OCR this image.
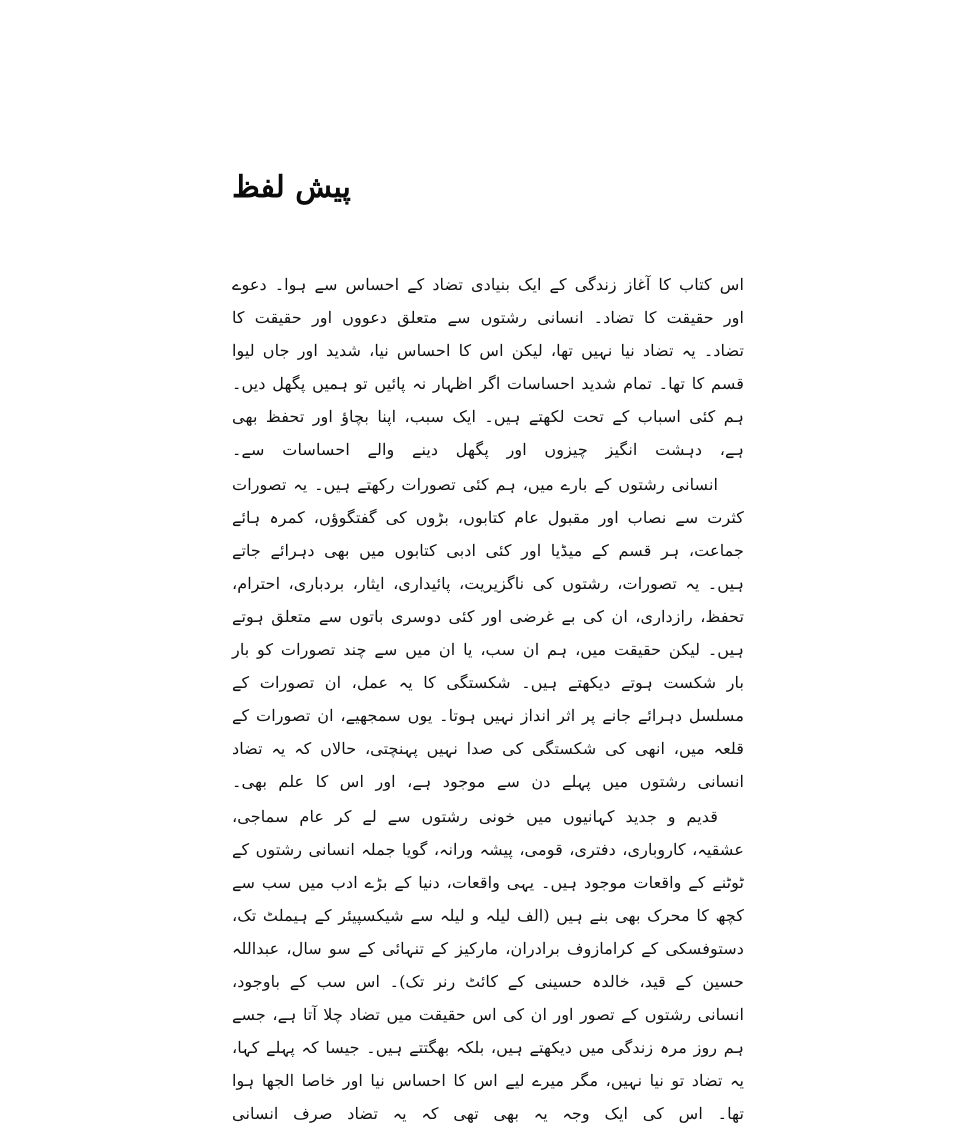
پیش لفظ

اس کتاب کا آغاز زندگی کے ایک بنیادی تضاد کے احساس سے ہوا۔ دعوے اور حقیقت کا تضاد۔ انسانی رشتوں سے متعلق دعووں اور حقیقت کا تضاد۔ یہ تضاد نیا نہیں تھا، لیکن اس کا احساس نیا، شدید اور جاں لیوا قسم کا تھا۔ تمام شدید احساسات اگر اظہار نہ پائیں تو ہمیں پگھل دیں۔ ہم کئی اسباب کے تحت لکھتے ہیں۔ ایک سبب، اپنا بچاؤ اور تحفظ بھی ہے، دہشت انگیز چیزوں اور پگھل دینے والے احساسات سے۔

انسانی رشتوں کے بارے میں، ہم کئی تصورات رکھتے ہیں۔ یہ تصورات کثرت سے نصاب اور مقبول عام کتابوں، بڑوں کی گفتگوؤں، کمرہ ہائے جماعت، ہر قسم کے میڈیا اور کئی ادبی کتابوں میں بھی دہرائے جاتے ہیں۔ یہ تصورات، رشتوں کی ناگزیریت، پائیداری، ایثار، بردباری، احترام، تحفظ، رازداری، ان کی بے غرضی اور کئی دوسری باتوں سے متعلق ہوتے ہیں۔ لیکن حقیقت میں، ہم ان سب، یا ان میں سے چند تصورات کو بار بار شکست ہوتے دیکھتے ہیں۔ شکستگی کا یہ عمل، ان تصورات کے مسلسل دہرائے جانے پر اثر انداز نہیں ہوتا۔ یوں سمجھیے، ان تصورات کے قلعہ میں، انھی کی شکستگی کی صدا نہیں پہنچتی، حالاں کہ یہ تضاد انسانی رشتوں میں پہلے دن سے موجود ہے، اور اس کا علم بھی۔

قدیم و جدید کہانیوں میں خونی رشتوں سے لے کر عام سماجی، عشقیہ، کاروباری، دفتری، قومی، پیشہ ورانہ، گویا جملہ انسانی رشتوں کے ٹوٹنے کے واقعات موجود ہیں۔ یہی واقعات، دنیا کے بڑے ادب میں سب سے کچھ کا محرک بھی بنے ہیں (الف لیلہ و لیلہ سے شیکسپیئر کے ہیملٹ تک، دستوفسکی کے کرامازوف برادران، مارکیز کے تنہائی کے سو سال، عبداللہ حسین کے قید، خالدہ حسینی کے کائٹ رنر تک)۔ اس سب کے باوجود، انسانی رشتوں کے تصور اور ان کی اس حقیقت میں تضاد چلا آتا ہے، جسے ہم روز مرہ زندگی میں دیکھتے ہیں، بلکہ بھگتتے ہیں۔ جیسا کہ پہلے کہا، یہ تضاد تو نیا نہیں، مگر میرے لیے اس کا احساس نیا اور خاصا الجھا ہوا تھا۔ اس کی ایک وجہ یہ بھی تھی کہ یہ تضاد صرف انسانی
